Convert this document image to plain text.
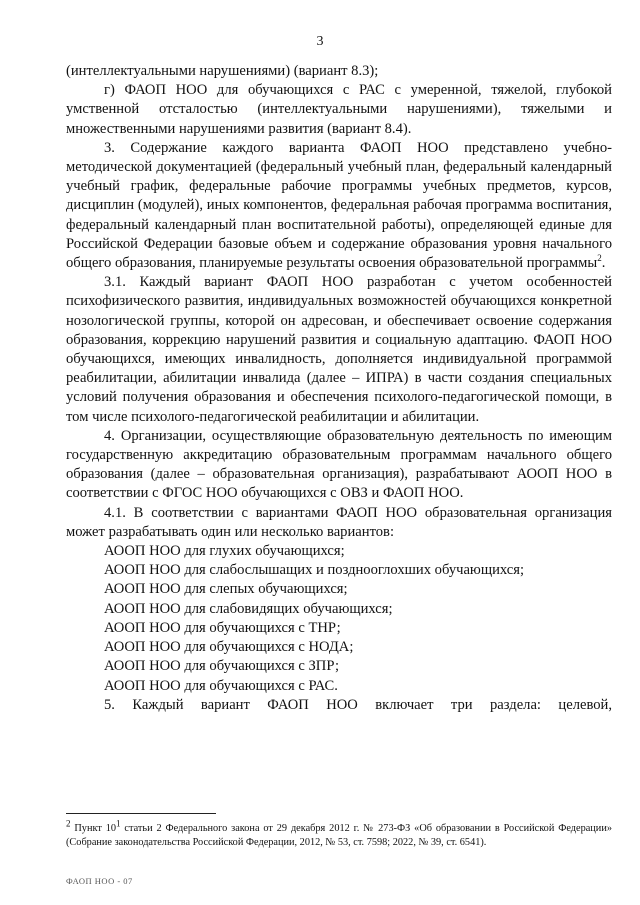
3

(интеллектуальными нарушениями) (вариант 8.3);

г) ФАОП НОО для обучающихся с РАС с умеренной, тяжелой, глубокой умственной отсталостью (интеллектуальными нарушениями), тяжелыми и множественными нарушениями развития (вариант 8.4).

3. Содержание каждого варианта ФАОП НОО представлено учебно-методической документацией (федеральный учебный план, федеральный календарный учебный график, федеральные рабочие программы учебных предметов, курсов, дисциплин (модулей), иных компонентов, федеральная рабочая программа воспитания, федеральный календарный план воспитательной работы), определяющей единые для Российской Федерации базовые объем и содержание образования уровня начального общего образования, планируемые результаты освоения образовательной программы$^2$.

3.1. Каждый вариант ФАОП НОО разработан с учетом особенностей психофизического развития, индивидуальных возможностей обучающихся конкретной нозологической группы, которой он адресован, и обеспечивает освоение содержания образования, коррекцию нарушений развития и социальную адаптацию. ФАОП НОО обучающихся, имеющих инвалидность, дополняется индивидуальной программой реабилитации, абилитации инвалида (далее – ИПРА) в части создания специальных условий получения образования и обеспечения психолого-педагогической помощи, в том числе психолого-педагогической реабилитации и абилитации.

4. Организации, осуществляющие образовательную деятельность по имеющим государственную аккредитацию образовательным программам начального общего образования (далее – образовательная организация), разрабатывают АООП НОО в соответствии с ФГОС НОО обучающихся с ОВЗ и ФАОП НОО.

4.1. В соответствии с вариантами ФАОП НОО образовательная организация может разрабатывать один или несколько вариантов:

АООП НОО для глухих обучающихся;

АООП НОО для слабослышащих и позднооглохших обучающихся;

АООП НОО для слепых обучающихся;

АООП НОО для слабовидящих обучающихся;

АООП НОО для обучающихся с ТНР;

АООП НОО для обучающихся с НОДА;

АООП НОО для обучающихся с ЗПР;

АООП НОО для обучающихся с РАС.

5. Каждый вариант ФАОП НОО включает три раздела: целевой,

$^2$ Пункт $10^1$ статьи 2 Федерального закона от 29 декабря 2012 г. № 273-ФЗ «Об образовании в Российской Федерации» (Собрание законодательства Российской Федерации, 2012, № 53, ст. 7598; 2022, № 39, ст. 6541).
ФАОП НОО - 07
